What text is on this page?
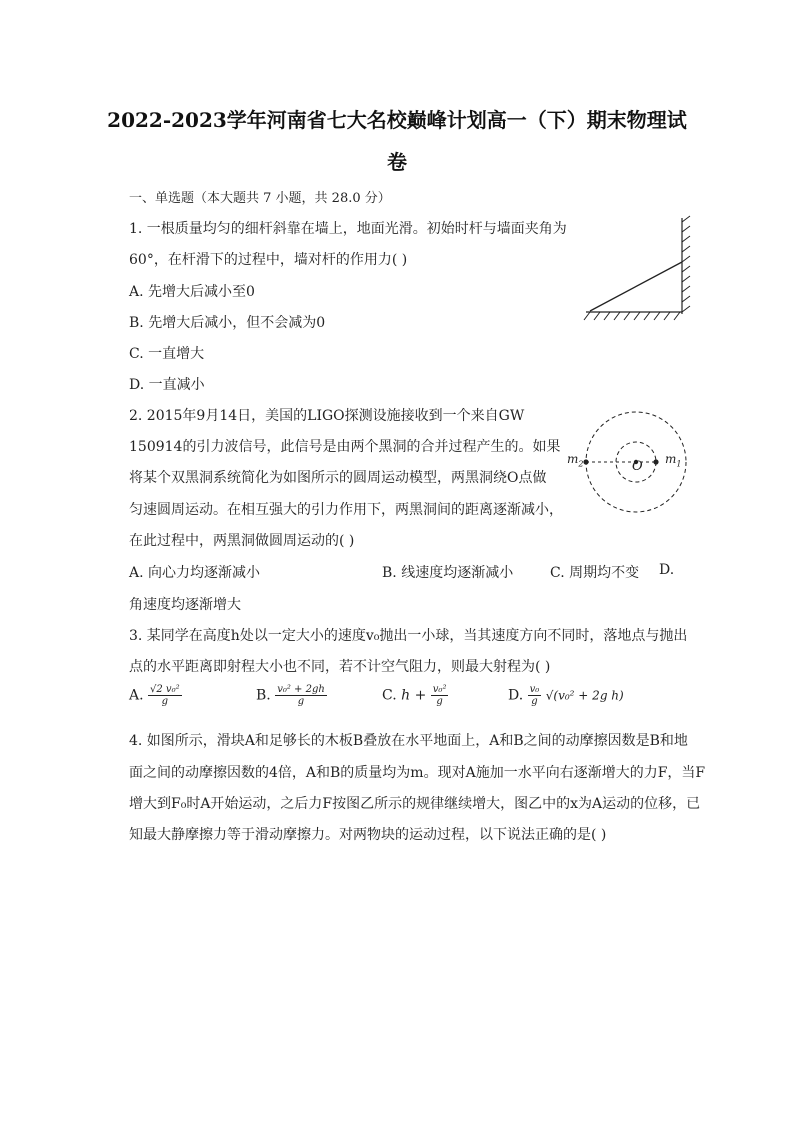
2022-2023学年河南省七大名校巅峰计划高一（下）期末物理试
卷
一、单选题（本大题共 7 小题，共 28.0 分）
1. 一根质量均匀的细杆斜靠在墙上，地面光滑。初始时杆与墙面夹角为
60°，在杆滑下的过程中，墙对杆的作用力( )
A. 先增大后减小至0
B. 先增大后减小，但不会减为0
C. 一直增大
D. 一直减小
2. 2015年9月14日，美国的LIGO探测设施接收到一个来自GW
150914的引力波信号，此信号是由两个黑洞的合并过程产生的。如果
将某个双黑洞系统简化为如图所示的圆周运动模型，两黑洞绕O点做
匀速圆周运动。在相互强大的引力作用下，两黑洞间的距离逐渐减小，
在此过程中，两黑洞做圆周运动的( )
A. 向心力均逐渐减小	B. 线速度均逐渐减小	C. 周期均不变 D.
角速度均逐渐增大
$m_2$	$m_1$
O
3. 某同学在高度h处以一定大小的速度v₀抛出一小球，当其速度方向不同时，落地点与抛出
点的水平距离即射程大小也不同，若不计空气阻力，则最大射程为( )
A. $\frac{\text{√2 v₀²}}{g}$	B. $\frac{\text{v₀² + 2gh}}{g}$	C. $h + \frac{\text{v₀²}}{g}$	D. $\frac{\text{v₀}}{g} √(v_0^2 + 2g$ h)
4. 如图所示，滑块A和足够长的木板B叠放在水平地面上，A和B之间的动摩擦因数是B和地
面之间的动摩擦因数的4倍，A和B的质量均为m。现对A施加一水平向右逐渐增大的力F，当F
增大到F₀时A开始运动，之后力F按图乙所示的规律继续增大，图乙中的x为A运动的位移，已
知最大静摩擦力等于滑动摩擦力。对两物块的运动过程，以下说法正确的是( )
